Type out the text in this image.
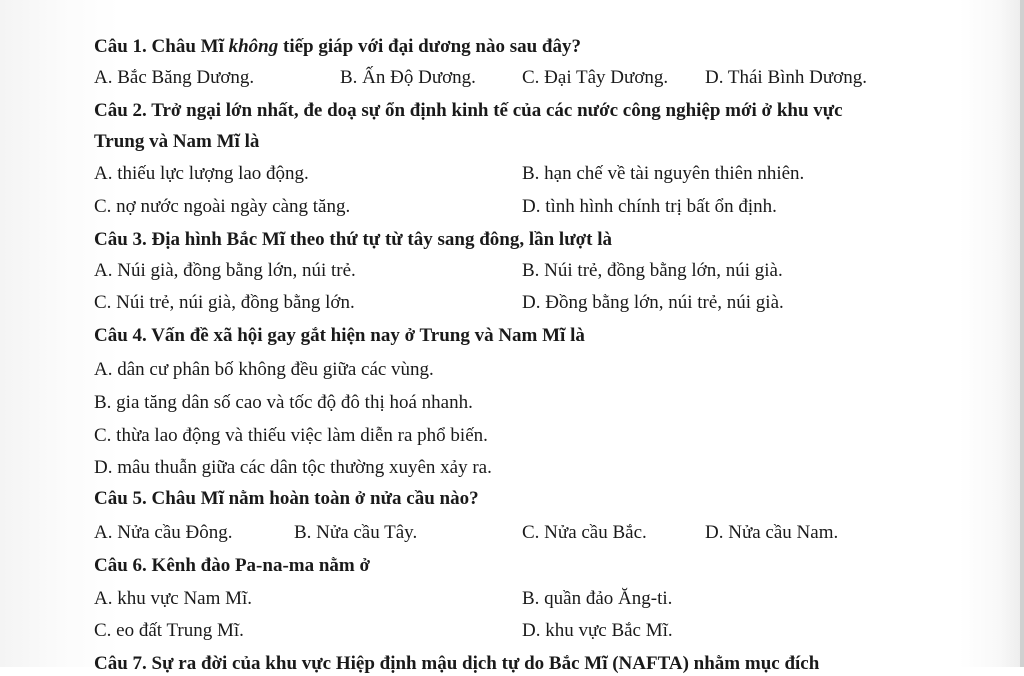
Câu 1. Châu Mĩ không tiếp giáp với đại dương nào sau đây?
A. Bắc Băng Dương.	B. Ấn Độ Dương. C. Đại Tây Dương. D. Thái Bình Dương.
Câu 2. Trở ngại lớn nhất, đe doạ sự ổn định kinh tế của các nước công nghiệp mới ở khu vực
Trung và Nam Mĩ là
A. thiếu lực lượng lao động.	B. hạn chế về tài nguyên thiên nhiên.
C. nợ nước ngoài ngày càng tăng.	D. tình hình chính trị bất ổn định.
Câu 3. Địa hình Bắc Mĩ theo thứ tự từ tây sang đông, lần lượt là
A. Núi già, đồng bằng lớn, núi trẻ.	B. Núi trẻ, đồng bằng lớn, núi già.
C. Núi trẻ, núi già, đồng bằng lớn.	D. Đồng bằng lớn, núi trẻ, núi già.
Câu 4. Vấn đề xã hội gay gắt hiện nay ở Trung và Nam Mĩ là
A. dân cư phân bố không đều giữa các vùng.
B. gia tăng dân số cao và tốc độ đô thị hoá nhanh.
C. thừa lao động và thiếu việc làm diễn ra phổ biến.
D. mâu thuẫn giữa các dân tộc thường xuyên xảy ra.
Câu 5. Châu Mĩ nằm hoàn toàn ở nửa cầu nào?
A. Nửa cầu Đông.	B. Nửa cầu Tây.	C. Nửa cầu Bắc.	D. Nửa cầu Nam.
Câu 6. Kênh đào Pa-na-ma nằm ở
A. khu vực Nam Mĩ.	B. quần đảo Ăng-ti.
C. eo đất Trung Mĩ.	D. khu vực Bắc Mĩ.
Câu 7. Sự ra đời của khu vực Hiệp định mậu dịch tự do Bắc Mĩ (NAFTA) nhằm mục đích
